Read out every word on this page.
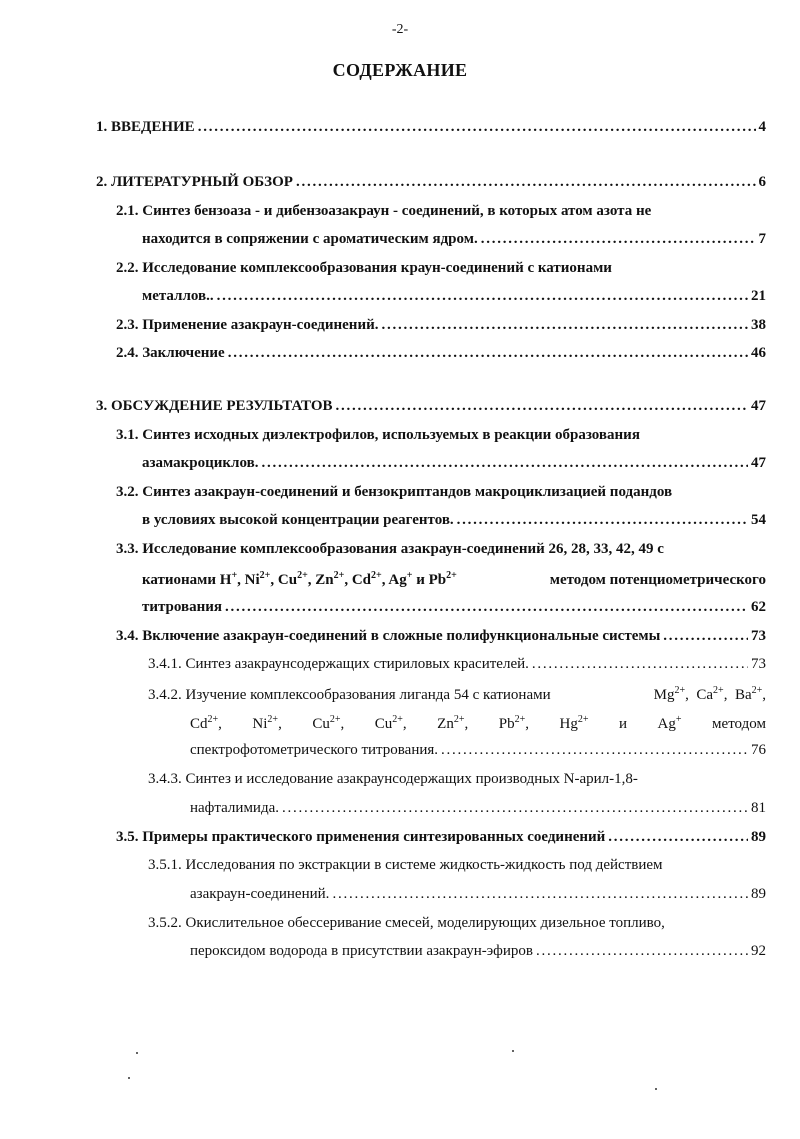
-2-
СОДЕРЖАНИЕ
1. ВВЕДЕНИЕ . . .	4
2. ЛИТЕРАТУРНЫЙ ОБЗОР . . .	6
2.1. Синтез бензоаза - и дибензоазакраун - соединений, в которых атом азота не
находится в сопряжении с ароматическим ядром. . . .	7
2.2. Исследование комплексообразования краун-соединений с катионами
металлов.. . . .	21
2.3. Применение азакраун-соединений. . . .	38
2.4. Заключение . . .	46
3. ОБСУЖДЕНИЕ РЕЗУЛЬТАТОВ . . .	47
3.1. Синтез исходных диэлектрофилов, используемых в реакции образования
азамакроциклов. . . .	47
3.2. Синтез азакраун-соединений и бензокриптандов макроциклизацией подандов
в условиях высокой концентрации реагентов. . . .	54
3.3. Исследование комплексообразования азакраун-соединений 26, 28, 33, 42, 49 с
катионами H+, $Ni^{2+}$, $Cu^{2+}$, $Zn^{2+}$, $Cd^{2+}$, Ag+ и $Pb^{2+}$	методом потенциометрического
титрования . . .	62
3.4. Включение азакраун-соединений в сложные полифункциональные системы . . .	73
3.4.1. Синтез азакраунсодержащих стириловых красителей. . . .	73
3.4.2. Изучение комплексообразования лиганда 54 с катионами	$Mg^{2+}$,  $Ca^{2+}$,  $Ba^{2+}$,
$Cd^{2+}$, $Ni^{2+}$, $Cu^{2+}$, $Cu^{2+}$, $Zn^{2+}$, $Pb^{2+}$, $Hg^{2+}$ и Ag+ методом
спектрофотометрического титрования. . . .	76
3.4.3. Синтез и исследование азакраунсодержащих производных N-арил-1,8-
нафталимида. . . .	81
3.5. Примеры практического применения синтезированных соединений . . .	89
3.5.1. Исследования по экстракции в системе жидкость-жидкость под действием
азакраун-соединений. . . .	89
3.5.2. Окислительное обессеривание смесей, моделирующих дизельное топливо,
пероксидом водорода в присутствии азакраун-эфиров . . .	92
